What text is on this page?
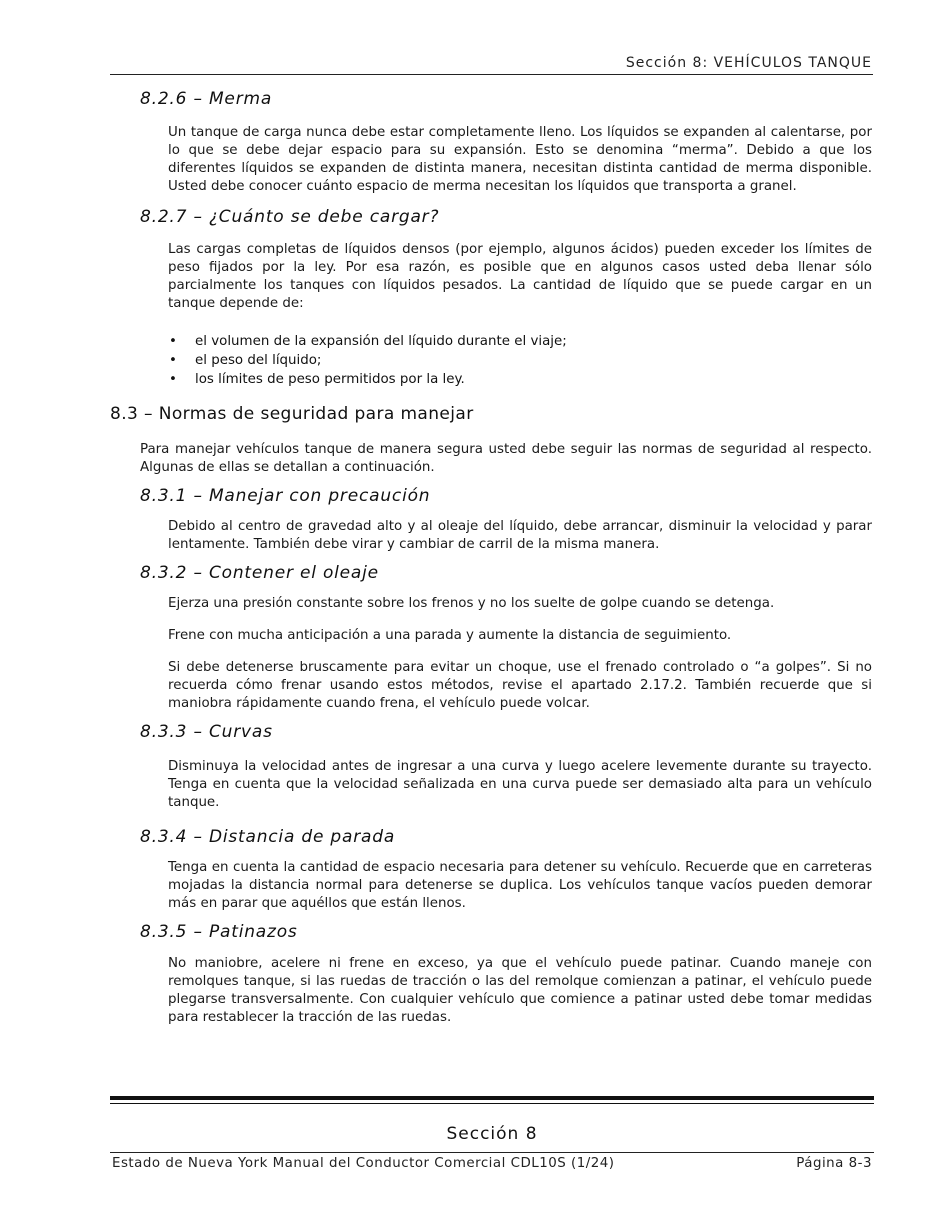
Sección 8: VEHÍCULOS TANQUE
8.2.6 – Merma

Un tanque de carga nunca debe estar completamente lleno. Los líquidos se expanden al calentarse, por lo que se debe dejar espacio para su expansión. Esto se denomina “merma”. Debido a que los diferentes líquidos se expanden de distinta manera, necesitan distinta cantidad de merma disponible. Usted debe conocer cuánto espacio de merma necesitan los líquidos que transporta a granel.

8.2.7 – ¿Cuánto se debe cargar?

Las cargas completas de líquidos densos (por ejemplo, algunos ácidos) pueden exceder los límites de peso fijados por la ley. Por esa razón, es posible que en algunos casos usted deba llenar sólo parcialmente los tanques con líquidos pesados. La cantidad de líquido que se puede cargar en un tanque depende de:

• el volumen de la expansión del líquido durante el viaje;
• el peso del líquido;
• los límites de peso permitidos por la ley.
8.3 – Normas de seguridad para manejar

Para manejar vehículos tanque de manera segura usted debe seguir las normas de seguridad al respecto. Algunas de ellas se detallan a continuación.

8.3.1 – Manejar con precaución

Debido al centro de gravedad alto y al oleaje del líquido, debe arrancar, disminuir la velocidad y parar lentamente. También debe virar y cambiar de carril de la misma manera.

8.3.2 – Contener el oleaje

Ejerza una presión constante sobre los frenos y no los suelte de golpe cuando se detenga.

Frene con mucha anticipación a una parada y aumente la distancia de seguimiento.

Si debe detenerse bruscamente para evitar un choque, use el frenado controlado o “a golpes”. Si no recuerda cómo frenar usando estos métodos, revise el apartado 2.17.2. También recuerde que si maniobra rápidamente cuando frena, el vehículo puede volcar.

8.3.3 – Curvas

Disminuya la velocidad antes de ingresar a una curva y luego acelere levemente durante su trayecto. Tenga en cuenta que la velocidad señalizada en una curva puede ser demasiado alta para un vehículo tanque.

8.3.4 – Distancia de parada

Tenga en cuenta la cantidad de espacio necesaria para detener su vehículo. Recuerde que en carreteras mojadas la distancia normal para detenerse se duplica. Los vehículos tanque vacíos pueden demorar más en parar que aquéllos que están llenos.

8.3.5 – Patinazos

No maniobre, acelere ni frene en exceso, ya que el vehículo puede patinar. Cuando maneje con remolques tanque, si las ruedas de tracción o las del remolque comienzan a patinar, el vehículo puede plegarse transversalmente. Con cualquier vehículo que comience a patinar usted debe tomar medidas para restablecer la tracción de las ruedas.

Sección 8
Estado de Nueva York Manual del Conductor Comercial CDL10S (1/24)	Página 8-3
